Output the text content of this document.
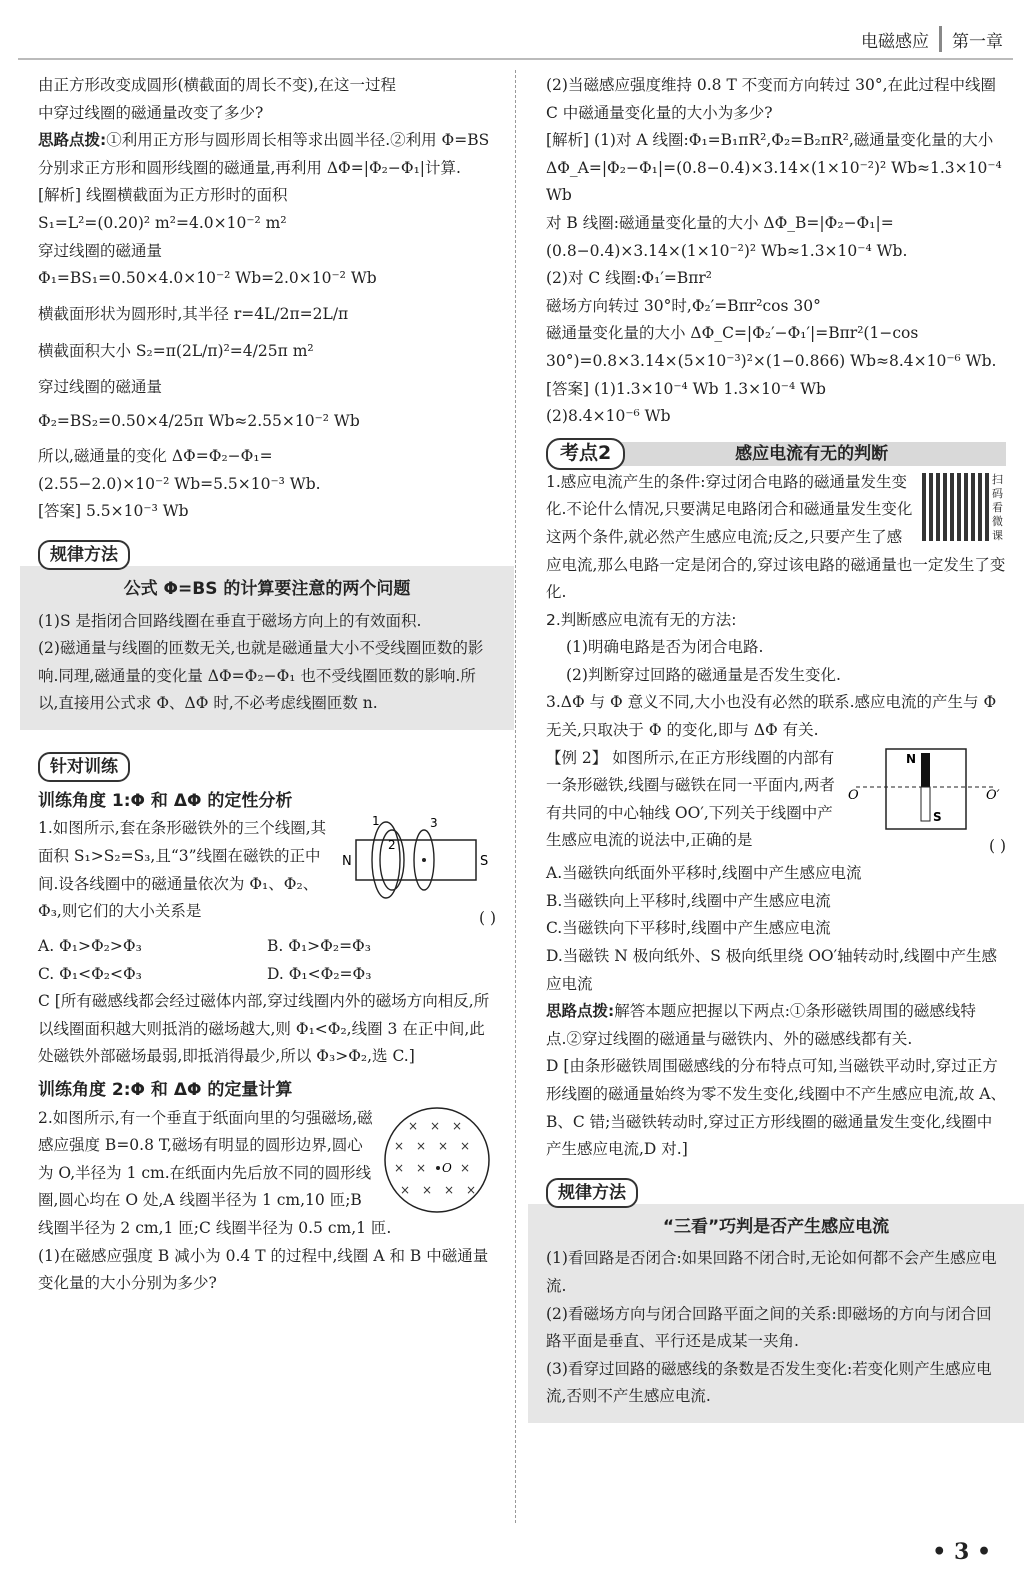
电磁感应	第一章

由正方形改变成圆形(横截面的周长不变),在这一过程

中穿过线圈的磁通量改变了多少?

思路点拨:①利用正方形与圆形周长相等求出圆半径.②利用 Φ=BS 分别求正方形和圆形线圈的磁通量,再利用 ΔΦ=|Φ₂−Φ₁|计算.

[解析] 线圈横截面为正方形时的面积

S₁=L²=(0.20)² m²=4.0×10⁻² m²

穿过线圈的磁通量

Φ₁=BS₁=0.50×4.0×10⁻² Wb=2.0×10⁻² Wb

横截面形状为圆形时,其半径 r=4L/2π=2L/π

横截面积大小 S₂=π(2L/π)²=4/25π m²

穿过线圈的磁通量

Φ₂=BS₂=0.50×4/25π Wb≈2.55×10⁻² Wb

所以,磁通量的变化 ΔΦ=Φ₂−Φ₁=

(2.55−2.0)×10⁻² Wb=5.5×10⁻³ Wb.

[答案] 5.5×10⁻³ Wb

规律方法
公式 Φ=BS 的计算要注意的两个问题

(1)S 是指闭合回路线圈在垂直于磁场方向上的有效面积.

(2)磁通量与线圈的匝数无关,也就是磁通量大小不受线圈匝数的影响.同理,磁通量的变化量 ΔΦ=Φ₂−Φ₁ 也不受线圈匝数的影响.所以,直接用公式求 Φ、ΔΦ 时,不必考虑线圈匝数 n.

针对训练
训练角度 1:Φ 和 ΔΦ 的定性分析
N	S
1
2
3

1.如图所示,套在条形磁铁外的三个线圈,其面积 S₁>S₂=S₃,且“3”线圈在磁铁的正中间.设各线圈中的磁通量依次为 Φ₁、Φ₂、Φ₃,则它们的大小关系是	( )

A. Φ₁>Φ₂>Φ₃	B. Φ₁>Φ₂=Φ₃
C. Φ₁<Φ₂<Φ₃	D. Φ₁<Φ₂=Φ₃

C [所有磁感线都会经过磁体内部,穿过线圈内外的磁场方向相反,所以线圈面积越大则抵消的磁场越大,则 Φ₁<Φ₂,线圈 3 在正中间,此处磁铁外部磁场最弱,即抵消得最少,所以 Φ₃>Φ₂,选 C.]

训练角度 2:Φ 和 ΔΦ 的定量计算
× × ×
× × × ×
× ×	×
× × × ×
O

2.如图所示,有一个垂直于纸面向里的匀强磁场,磁感应强度 B=0.8 T,磁场有明显的圆形边界,圆心为 O,半径为 1 cm.在纸面内先后放不同的圆形线圈,圆心均在 O 处,A 线圈半径为 1 cm,10 匝;B 线圈半径为 2 cm,1 匝;C 线圈半径为 0.5 cm,1 匝.

(1)在磁感应强度 B 减小为 0.4 T 的过程中,线圈 A 和 B 中磁通量变化量的大小分别为多少?

(2)当磁感应强度维持 0.8 T 不变而方向转过 30°,在此过程中线圈 C 中磁通量变化量的大小为多少?

[解析] (1)对 A 线圈:Φ₁=B₁πR²,Φ₂=B₂πR²,磁通量变化量的大小 ΔΦ_A=|Φ₂−Φ₁|=(0.8−0.4)×3.14×(1×10⁻²)² Wb≈1.3×10⁻⁴ Wb

对 B 线圈:磁通量变化量的大小 ΔΦ_B=|Φ₂−Φ₁|=(0.8−0.4)×3.14×(1×10⁻²)² Wb≈1.3×10⁻⁴ Wb.

(2)对 C 线圈:Φ₁′=Bπr²

磁场方向转过 30°时,Φ₂′=Bπr²cos 30°

磁通量变化量的大小 ΔΦ_C=|Φ₂′−Φ₁′|=Bπr²(1−cos 30°)=0.8×3.14×(5×10⁻³)²×(1−0.866) Wb≈8.4×10⁻⁶ Wb.

[答案] (1)1.3×10⁻⁴ Wb 1.3×10⁻⁴ Wb

(2)8.4×10⁻⁶ Wb

考点2	感应电流有无的判断
扫码看微课

1.感应电流产生的条件:穿过闭合电路的磁通量发生变化.不论什么情况,只要满足电路闭合和磁通量发生变化这两个条件,就必然产生感应电流;反之,只要产生了感应电流,那么电路一定是闭合的,穿过该电路的磁通量也一定发生了变化.

2.判断感应电流有无的方法:

(1)明确电路是否为闭合电路.

(2)判断穿过回路的磁通量是否发生变化.

3.ΔΦ 与 Φ 意义不同,大小也没有必然的联系.感应电流的产生与 Φ 无关,只取决于 Φ 的变化,即与 ΔΦ 有关.

N
S
O	O′

【例 2】 如图所示,在正方形线圈的内部有一条形磁铁,线圈与磁铁在同一平面内,两者有共同的中心轴线 OO′,下列关于线圈中产生感应电流的说法中,正确的是	( )

A.当磁铁向纸面外平移时,线圈中产生感应电流

B.当磁铁向上平移时,线圈中产生感应电流

C.当磁铁向下平移时,线圈中产生感应电流

D.当磁铁 N 极向纸外、S 极向纸里绕 OO′轴转动时,线圈中产生感应电流

思路点拨:解答本题应把握以下两点:①条形磁铁周围的磁感线特点.②穿过线圈的磁通量与磁铁内、外的磁感线都有关.

D [由条形磁铁周围磁感线的分布特点可知,当磁铁平动时,穿过正方形线圈的磁通量始终为零不发生变化,线圈中不产生感应电流,故 A、B、C 错;当磁铁转动时,穿过正方形线圈的磁通量发生变化,线圈中产生感应电流,D 对.]

规律方法
“三看”巧判是否产生感应电流

(1)看回路是否闭合:如果回路不闭合时,无论如何都不会产生感应电流.

(2)看磁场方向与闭合回路平面之间的关系:即磁场的方向与闭合回路平面是垂直、平行还是成某一夹角.

(3)看穿过回路的磁感线的条数是否发生变化:若变化则产生感应电流,否则不产生感应电流.

• 3 •
